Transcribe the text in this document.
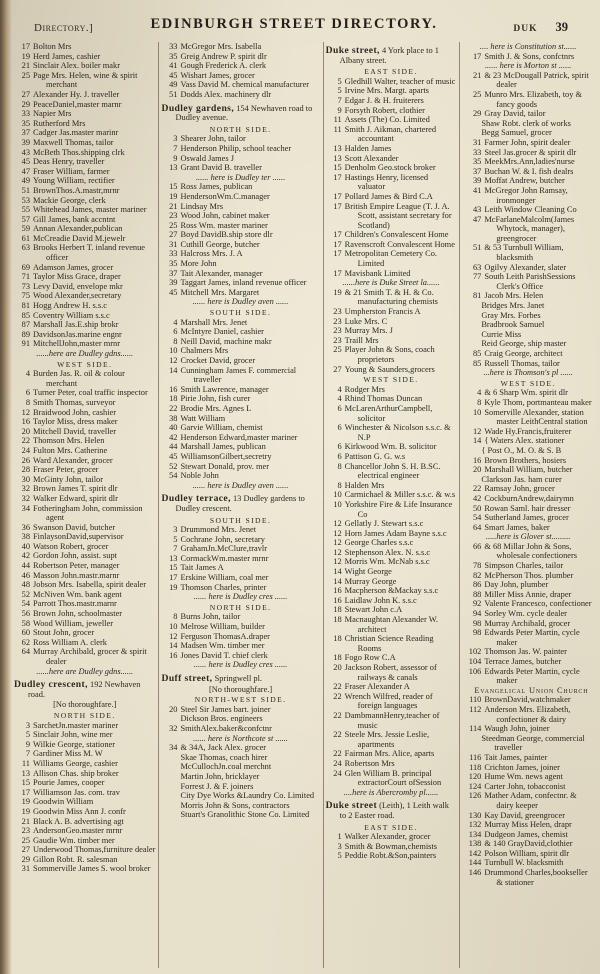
Directory.]	EDINBURGH STREET DIRECTORY.	DUK 39
17 Bolton Mrs
19 Herd James, cashier
21 Sinclair Alex. boiler makr
25 Page Mrs. Helen, wine & spirit merchant
27 Alexander Hy. J. traveller
29 PeaceDaniel,master marnr
33 Napier Mrs
35 Rutherford Mrs
37 Cadger Jas.master marinr
39 Maxwell Thomas, tailor
43 McBeth Thos.shipping clrk
45 Deas Henry, traveller
47 Fraser William, farmer
49 Young William, rectifier
51 BrownThos.A.mastr,mrnr
53 Mackie George, clerk
55 Whitehead James, master mariner
57 Gill James, bank accntnt
59 Annan Alexander,publican
61 McCreadie David M.jewelr
63 Brooks Herbert T. inland revenue officer
69 Adamson James, grocer
71 Taylor Miss Grace, draper
73 Levy David, envelope mkr
75 Wood Alexander,secretary
81 Hogg Andrew H. s.s.c
85 Coventry William s.s.c
87 Marshall Jas.E.ship brokr
89 DavidsonJas.marine engnr
91 MitchellJohn,master mrnr
......here are Dudley gdns......
WEST SIDE.
4 Burden Jas. R. oil & colour merchant
6 Turner Peter, coal traffic inspector
8 Smith Thomas, surveyor
12 Braidwood John, cashier
16 Taylor Miss, dress maker
20 Mitchell David, traveller
22 Thomson Mrs. Helen
24 Fulton Mrs. Catherine
26 Ward Alexander, grocer
28 Fraser Peter, grocer
30 McGinty John, tailor
32 Brown James T. spirit dlr
32 Walker Edward, spirit dlr
34 Fotheringham John, commission agent
36 Swanson David, butcher
38 FinlaysonDavid,supervisor
40 Watson Robert, grocer
42 Gordon John, assist. supt
44 Robertson Peter, manager
46 Masson John.mastr.marnr
48 Jobson Mrs. Isabella, spirit dealer
52 McNiven Wm. bank agent
54 Parrott Thos.mastr.marnr
56 Brown John, schoolmaster
58 Wood William, jeweller
60 Stout John, grocer
62 Ross William A. clerk
64 Murray Archibald, grocer & spirit dealer
......here are Dudley gdns......
Dudley crescent, 192 Newhaven road.
[No thoroughfare.]
NORTH SIDE.
3 SarchetJn.master mariner
5 Sinclair John, wine mer
9 Wilkie George, stationer
7 Gardiner Miss M. W
11 Williams George, cashier
13 Allison Chas. ship broker
15 Pourie James, cooper
17 Williamson Jas. com. trav
19 Goodwin William
19 Goodwin Miss Ann J. confr
21 Black A. B. advertising agt
23 AndersonGeo.master mrnr
25 Gaudie Wm. timber mer
27 Underwood Thomas,furniture dealer
29 Gillon Robt. R. salesman
31 Sommerville James S. wool broker
33 McGregor Mrs. Isabella
35 Greig Andrew P. spirit dlr
41 Gough Frederick A. clerk
45 Wishart James, grocer
49 Vass David M. chemical manufacturer
51 Dodds Alex. machinery dlr
Dudley gardens, 154 Newhaven road to Dudley avenue.
NORTH SIDE.
3 Shearer John, tailor
7 Henderson Philip, school teacher
9 Oswald James J
13 Grant David B. traveller
...... here is Dudley ter ......
15 Ross James, publican
19 HendersonWm.C.manager
21 Lindsay Mrs
23 Wood John, cabinet maker
25 Ross Wm. master mariner
27 Boyd DavidB.ship store dlr
31 Cuthill George, butcher
33 Halcross Mrs. J. A
35 More John
37 Tait Alexander, manager
39 Taggart James, inland revenue officer
45 Mitchell Mrs. Margaret
...... here is Dudley aven ......
SOUTH SIDE.
4 Marshall Mrs. Jenet
6 McIntyre Daniel, cashier
8 Neill David, machine makr
10 Chalmers Mrs
12 Crocket David, grocer
14 Cunningham James F. commercial traveller
16 Smith Lawrence, manager
18 Pirie John, fish curer
22 Brodie Mrs. Agnes L
38 Watt William
40 Garvie William, chemist
42 Henderson Edward,master mariner
44 Marshall James, publican
45 WilliamsonGilbert,secretry
52 Stewart Donald, prov. mer
54 Noble John
...... here is Dudley aven ......
Dudley terrace, 13 Dudley gardens to Dudley crescent.
SOUTH SIDE.
3 Drummond Mrs. Jenet
5 Cochrane John, secretary
7 GrahamJn.McClure,travlr
13 CormackWm.master mrnr
15 Tait James A
17 Erskine William, coal mer
19 Thomson Charles, printer
...... here is Dudley cres ......
NORTH SIDE.
8 Burns John, tailor
10 Melrose William, builder
12 Ferguson ThomasA.draper
14 Madsen Wm. timber mer
16 Jones David T. chief clerk
...... here is Dudley cres ......
Duff street, Springwell pl.
[No thoroughfare.]
NORTH-WEST SIDE.
20 Steel Sir James bart. joiner
Dickson Bros. engineers
32 SmithAlex.baker&confctnr
...... here is Northcote st ......
34 & 34A, Jack Alex. grocer
Skae Thomas, coach hirer
McCullochJn.coal merchnt
Martin John, bricklayer
Forrest J. & F. joiners
City Dye Works &Laundry Co. Limited
Morris John & Sons, contractors
Stuart's Granolithic Stone Co. Limited
Duke street, 4 York place to 1 Albany street.
EAST SIDE.
5 Gledhill Walter, teacher of music
5 Irvine Mrs. Margt. aparts
7 Edgar J. & H. fruiterers
9 Forsyth Robert, clothier
11 Assets (The) Co. Limited
11 Smith J. Aikman, chartered accountant
13 Halden James
13 Scott Alexander
15 Denholm Geo.stock broker
17 Hastings Henry, licensed valuator
17 Pollard James & Bird C.A
17 British Empire League (T. J. A. Scott, assistant secretary for Scotland)
17 Children's Convalescent Home
17 Ravenscroft Convalescent Home
17 Metropolitan Cemetery Co. Limited
17 Mavisbank Limited
......here is Duke Street la......
19 & 21 Smith T. & H. & Co. manufacturing chemists
23 Umpherston Francis A
23 Luke Mrs. C
23 Murray Mrs. J
23 Traill Mrs
25 Player John & Sons, coach proprietors
27 Young & Saunders,grocers
WEST SIDE.
4 Rodger Mrs
4 Rhind Thomas Duncan
6 McLarenArthurCampbell, solicitor
6 Winchester & Nicolson s.s.c. & N.P
6 Kirkwood Wm. B. solicitor
6 Pattison G. G. w.s
8 Chancellor John S. H. B.SC. electrical engineer
8 Halden Mrs
10 Carmichael & Miller s.s.c. & w.s
10 Yorkshire Fire & Life Insurance Co
12 Gellatly J. Stewart s.s.c
12 Horn James Adam Bayne s.s.c
12 George Charles s.s.c
12 Stephenson Alex. N. s.s.c
12 Morris Wm. McNab s.s.c
14 Wight George
14 Murray George
16 Macpherson &Mackay s.s.c
16 Laidlaw John K. s.s.c
18 Stewart John c.A
18 Macnaughtan Alexander W. architect
18 Christian Science Reading Rooms
18 Fogo Row C.A
20 Jackson Robert, assessor of railways & canals
22 Fraser Alexander A
22 Wrench Wilfred, reader of foreign languages
22 DambmannHenry,teacher of music
22 Steele Mrs. Jessie Leslie, apartments
22 Fairman Mrs. Alice, aparts
24 Robertson Mrs
24 Glen William B. principal extractorCourt ofSession
....here is Abercromby pl......
Duke street (Leith), 1 Leith walk to 2 Easter road.
EAST SIDE.
1 Walker Alexander, grocer
3 Smith & Bowman,chemists
5 Peddie Robt.&Son,painters
.... here is Constitution st......
17 Smith J. & Sons, confctnrs
...... here is Morton st ......
21 & 23 McDougall Patrick, spirit dealer
25 Munro Mrs. Elizabeth, toy & fancy goods
29 Gray David, tailor
Shaw Robt. clerk of works
Begg Samuel, grocer
31 Farmer John, spirit dealer
33 Steel Jas.grocer & spirit dlr
35 MeekMrs.Ann,ladies'nurse
37 Buchan W. & I. fish dealrs
39 Moffat Andrew, butcher
41 McGregor John Ramsay, ironmonger
43 Leith Window Cleaning Co
47 McFarlaneMalcolm(James Whytock, manager), greengrocer
51 & 53 Turnbull William, blacksmith
63 Ogilvy Alexander, slater
77 South Leith ParishSessions Clerk's Office
81 Jacob Mrs. Helen
Bridges Mrs. Janet
Gray Mrs. Forbes
Bradbrook Samuel
Currie Miss
Reid George, ship master
85 Craig George, architect
85 Russell Thomas, tailor
...here is Thomson's pl ......
WEST SIDE.
4 & 6 Sharp Wm. spirit dlr
8 Kyle Thom, portmanteau maker
10 Somerville Alexander, station master LeithCentral station
12 Wade Hy.Francis,fruiterer
14 { Waters Alex. stationer
{ Post O., M. O. & S. B
16 Brown Brothers, hosiers
20 Marshall William, butcher
Clarkson Jas. ham curer
22 Ramsay John, grocer
42 CockburnAndrew,dairymn
50 Rowan Saml. hair dresser
54 Sutherland James, grocer
64 Smart James, baker
.....here is Glover st.........
66 & 68 Millar John & Sons, wholesale confectioners
78 Simpson Charles, tailor
82 McPherson Thos. plumber
86 Day John, plumber
88 Miller Miss Annie, draper
92 Valente Francesco, confectioner
94 Sorley Wm. cycle dealer
98 Murray Archibald, grocer
98 Edwards Peter Martin, cycle maker
102 Thomson Jas. W. painter
104 Terrace James, butcher
106 Edwards Peter Martin, cycle maker
Evangelical Union Church
110 BrownDavid,watchmaker
112 Anderson Mrs. Elizabeth, confectioner & dairy
114 Waugh John, joiner
Steedman George, commercial traveller
116 Tait James, painter
118 Crichton James, joiner
120 Hume Wm. news agent
124 Carter John, tobacconist
126 Mather Adam, confectnr. & dairy keeper
130 Kay David, greengrocer
132 Murray Miss Helen, drapr
134 Dudgeon James, chemist
138 & 140 GrayDavid,clothier
142 Polson William, spirit dlr
144 Turnbull W. blacksmith
146 Drummond Charles,bookseller & stationer
